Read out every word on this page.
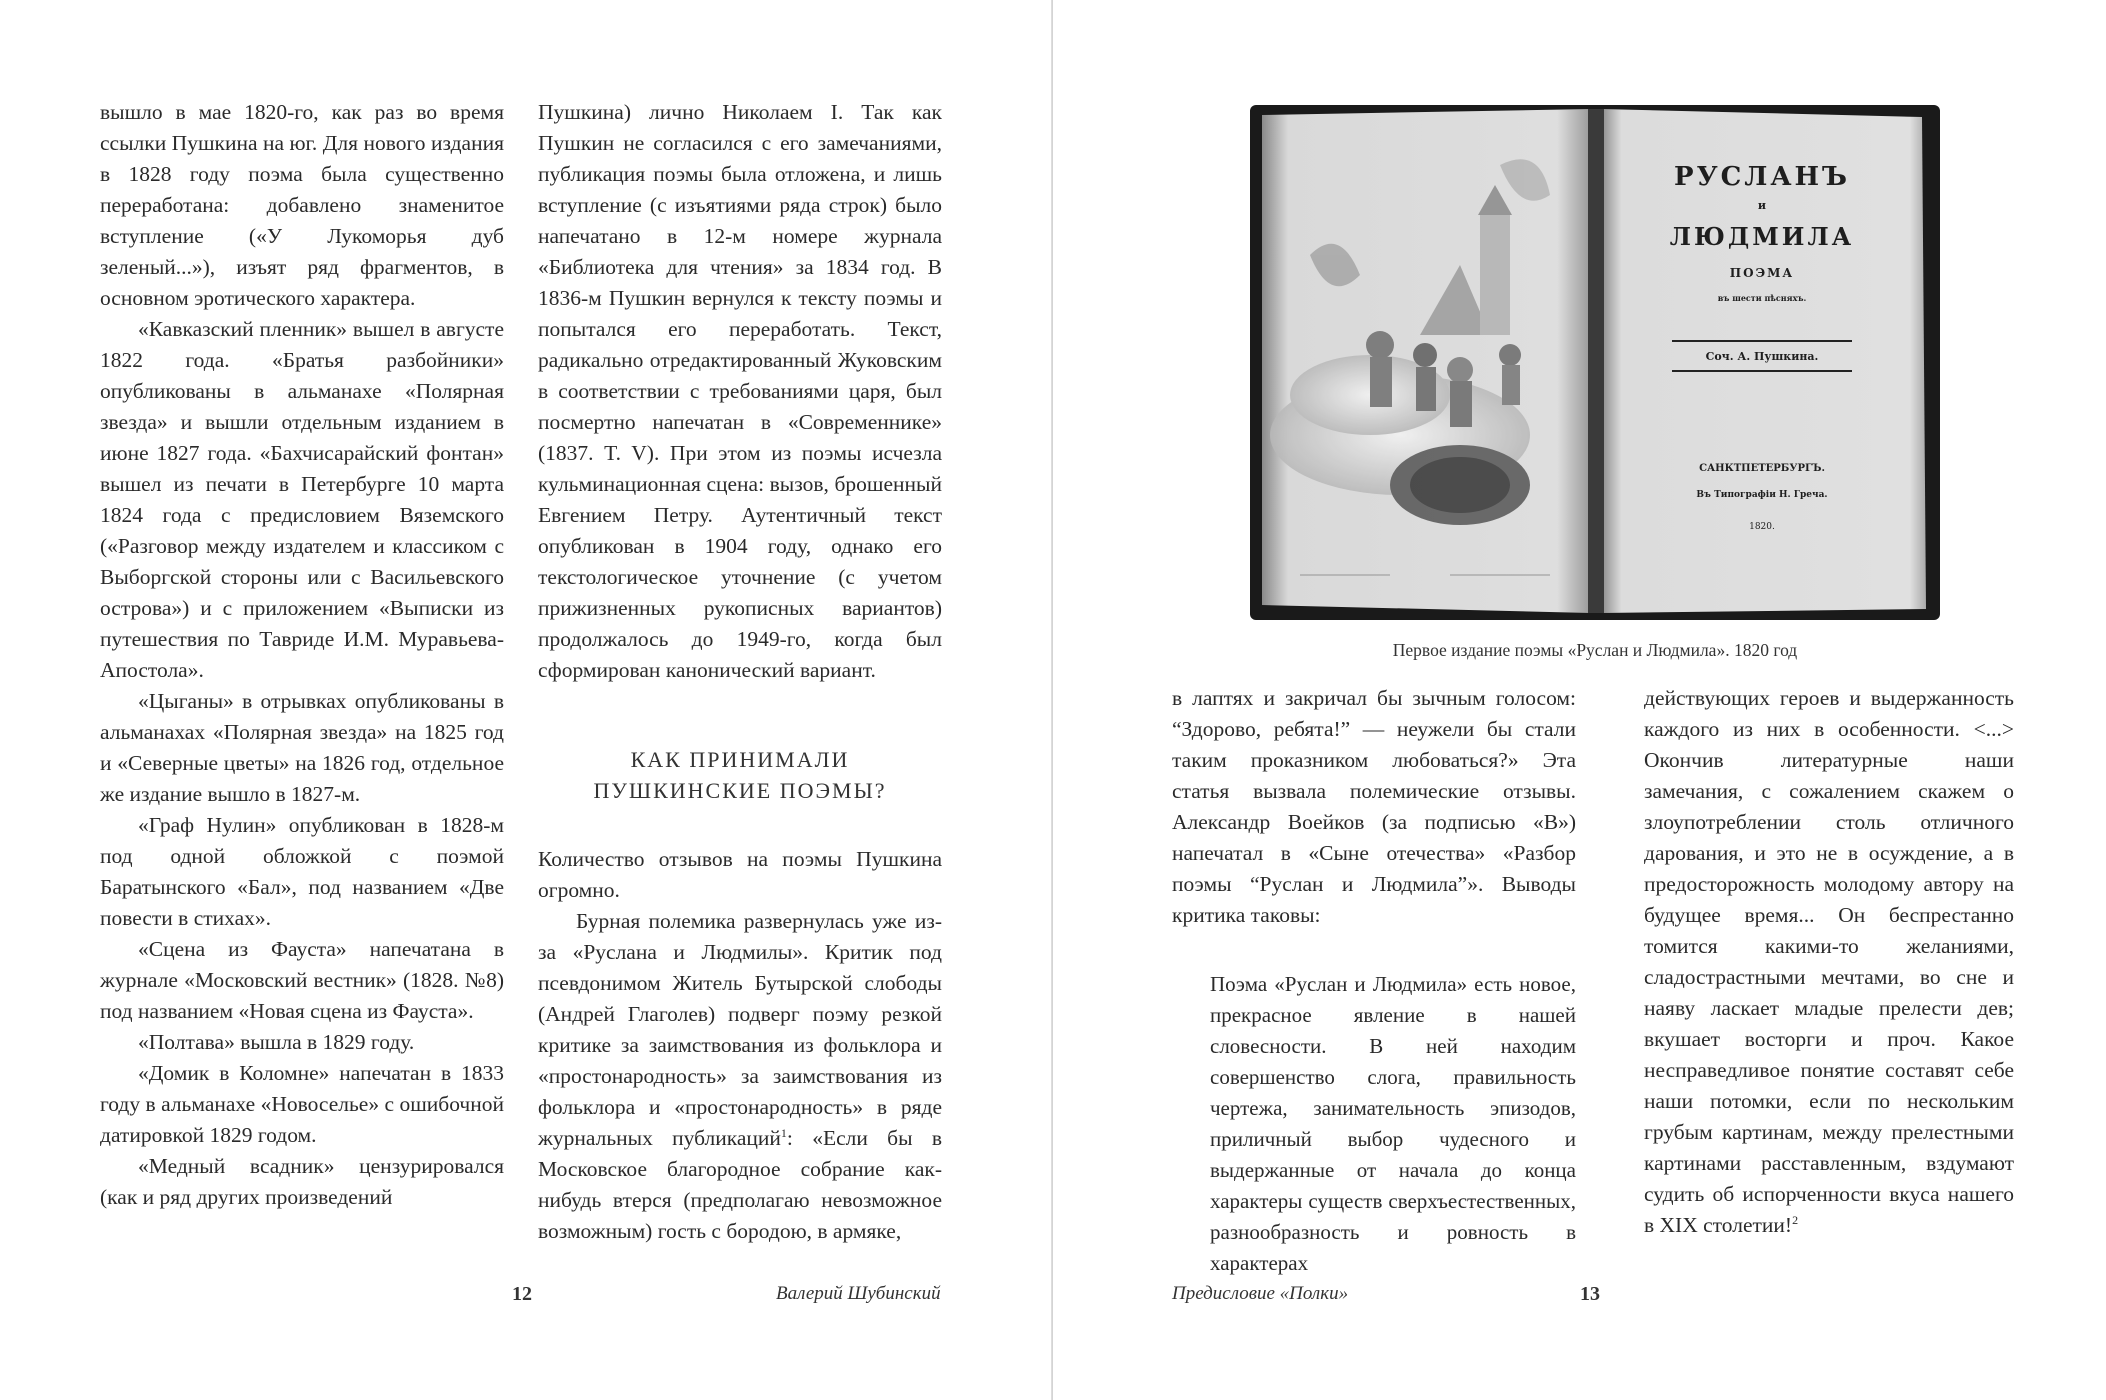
вышло в мае 1820-го, как раз во время ссылки Пушкина на юг. Для нового издания в 1828 году поэма была существенно переработана: добавлено знаменитое вступление («У Лукоморья дуб зеленый...»), изъят ряд фрагментов, в основном эротического характера.

«Кавказский пленник» вышел в августе 1822 года. «Братья разбойники» опубликованы в альманахе «Полярная звезда» и вышли отдельным изданием в июне 1827 года. «Бахчисарайский фонтан» вышел из печати в Петербурге 10 марта 1824 года с предисловием Вяземского («Разговор между издателем и классиком с Выборгской стороны или с Васильевского острова») и с приложением «Выписки из путешествия по Тавриде И.М. Муравьева-Апостола».

«Цыганы» в отрывках опубликованы в альманахах «Полярная звезда» на 1825 год и «Северные цветы» на 1826 год, отдельное же издание вышло в 1827-м.

«Граф Нулин» опубликован в 1828-м под одной обложкой с поэмой Баратынского «Бал», под названием «Две повести в стихах».

«Сцена из Фауста» напечатана в журнале «Московский вестник» (1828. №8) под названием «Новая сцена из Фауста».

«Полтава» вышла в 1829 году.

«Домик в Коломне» напечатан в 1833 году в альманахе «Новоселье» с ошибочной датировкой 1829 годом.

«Медный всадник» цензурировался (как и ряд других произведений

Пушкина) лично Николаем I. Так как Пушкин не согласился с его замечаниями, публикация поэмы была отложена, и лишь вступление (с изъятиями ряда строк) было напечатано в 12-м номере журнала «Библиотека для чтения» за 1834 год. В 1836-м Пушкин вернулся к тексту поэмы и попытался его переработать. Текст, радикально отредактированный Жуковским в соответствии с требованиями царя, был посмертно напечатан в «Современнике» (1837. T. V). При этом из поэмы исчезла кульминационная сцена: вызов, брошенный Евгением Петру. Аутентичный текст опубликован в 1904 году, однако его текстологическое уточнение (с учетом прижизненных рукописных вариантов) продолжалось до 1949-го, когда был сформирован канонический вариант.

КАК ПРИНИМАЛИ
ПУШКИНСКИЕ ПОЭМЫ?

Количество отзывов на поэмы Пушкина огромно.

Бурная полемика развернулась уже из-за «Руслана и Людмилы». Критик под псевдонимом Житель Бутырской слободы (Андрей Глаголев) подверг поэму резкой критике за заимствования из фольклора и «простонародность» за заимствования из фольклора и «простонародность» в ряде журнальных публикаций$^1$: «Если бы в Московское благородное собрание как-нибудь втерся (предполагаю невозможное возможным) гость с бородою, в армяке,

12	Валерий Шубинский
РУСЛАНЪ
и
ЛЮДМИЛА
ПОЭМА
въ шести пѣсняхъ.
Соч. А. Пушкина.
САНКТПЕТЕРБУРГЪ.
Въ Типографіи Н. Греча.
1820.
Первое издание поэмы «Руслан и Людмила». 1820 год

в лаптях и закричал бы зычным голосом: “Здорово, ребята!” — неужели бы стали таким проказником любоваться?» Эта статья вызвала полемические отзывы. Александр Воейков (за подписью «В») напечатал в «Сыне отечества» «Разбор поэмы “Руслан и Людмила”». Выводы критика таковы:

Поэма «Руслан и Людмила» есть новое, прекрасное явление в нашей словесности. В ней находим совершенство слога, правильность чертежа, занимательность эпизодов, приличный выбор чудесного и выдержанные от начала до конца характеры существ сверхъестественных, разнообразность и ровность в характерах

действующих героев и выдержанность каждого из них в особенности. <...> Окончив литературные наши замечания, с сожалением скажем о злоупотреблении столь отличного дарования, и это не в осуждение, а в предосторожность молодому автору на будущее время... Он беспрестанно томится какими-то желаниями, сладострастными мечтами, во сне и наяву ласкает младые прелести дев; вкушает восторги и проч. Какое несправедливое понятие составят себе наши потомки, если по нескольким грубым картинам, между прелестными картинами расставленным, вздумают судить об испорченности вкуса нашего в XIX столетии!$^2$

Предисловие «Полки»	13
